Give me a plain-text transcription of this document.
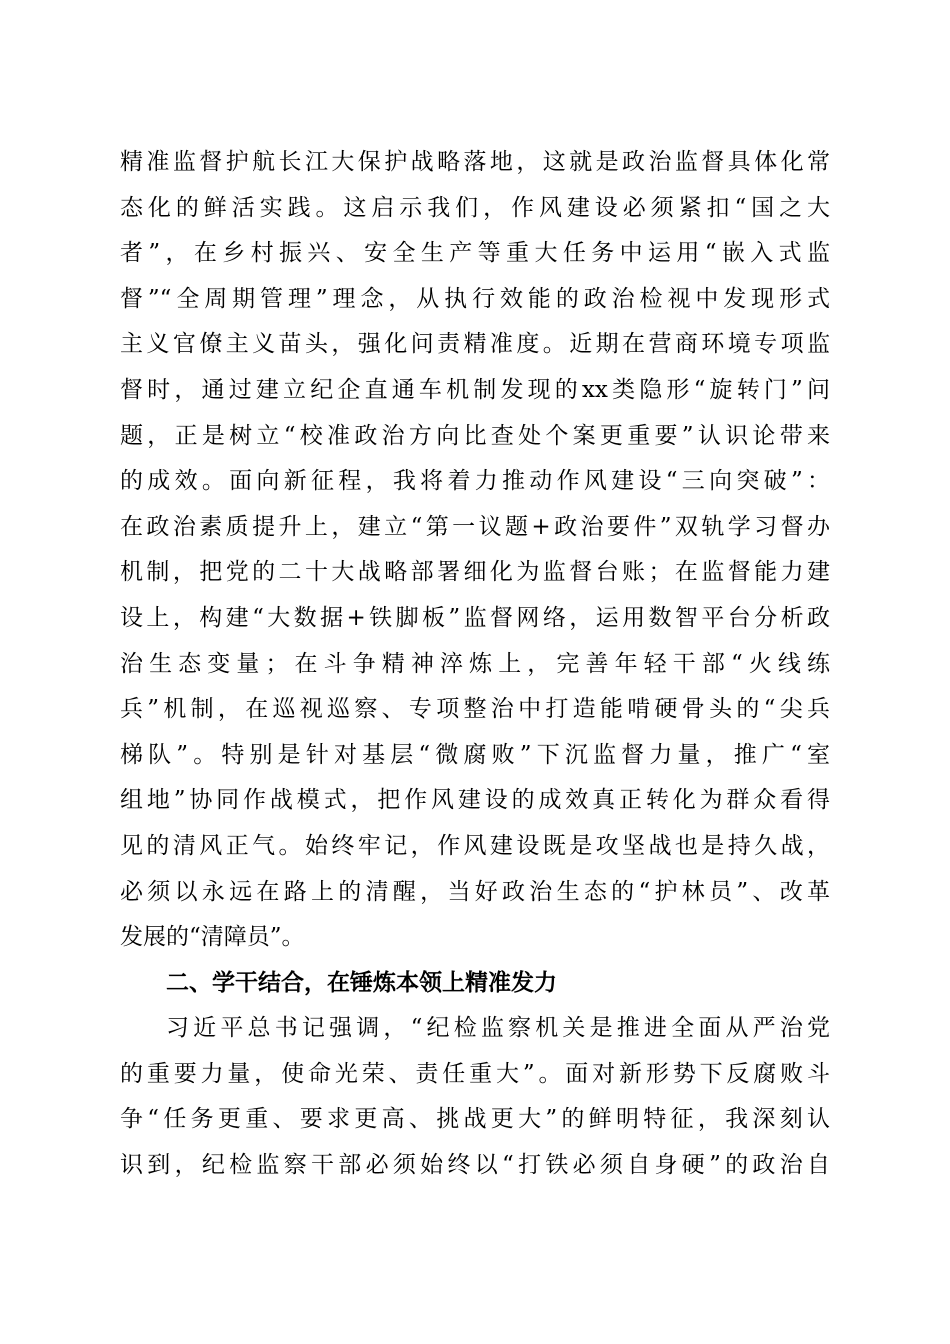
精准监督护航长江大保护战略落地，这就是政治监督具体化常
态化的鲜活实践。这启示我们，作风建设必须紧扣“国之大
者”，在乡村振兴、安全生产等重大任务中运用“嵌入式监
督”“全周期管理”理念，从执行效能的政治检视中发现形式
主义官僚主义苗头，强化问责精准度。近期在营商环境专项监
督时，通过建立纪企直通车机制发现的xx类隐形“旋转门”问
题，正是树立“校准政治方向比查处个案更重要”认识论带来
的成效。面向新征程，我将着力推动作风建设“三向突破”：
在政治素质提升上，建立“第一议题+政治要件”双轨学习督办
机制，把党的二十大战略部署细化为监督台账；在监督能力建
设上，构建“大数据+铁脚板”监督网络，运用数智平台分析政
治生态变量；在斗争精神淬炼上，完善年轻干部“火线练
兵”机制，在巡视巡察、专项整治中打造能啃硬骨头的“尖兵
梯队”。特别是针对基层“微腐败”下沉监督力量，推广“室
组地”协同作战模式，把作风建设的成效真正转化为群众看得
见的清风正气。始终牢记，作风建设既是攻坚战也是持久战，
必须以永远在路上的清醒，当好政治生态的“护林员”、改革
发展的“清障员”。
二、学干结合，在锤炼本领上精准发力
习近平总书记强调，“纪检监察机关是推进全面从严治党
的重要力量，使命光荣、责任重大”。面对新形势下反腐败斗
争“任务更重、要求更高、挑战更大”的鲜明特征，我深刻认
识到，纪检监察干部必须始终以“打铁必须自身硬”的政治自
